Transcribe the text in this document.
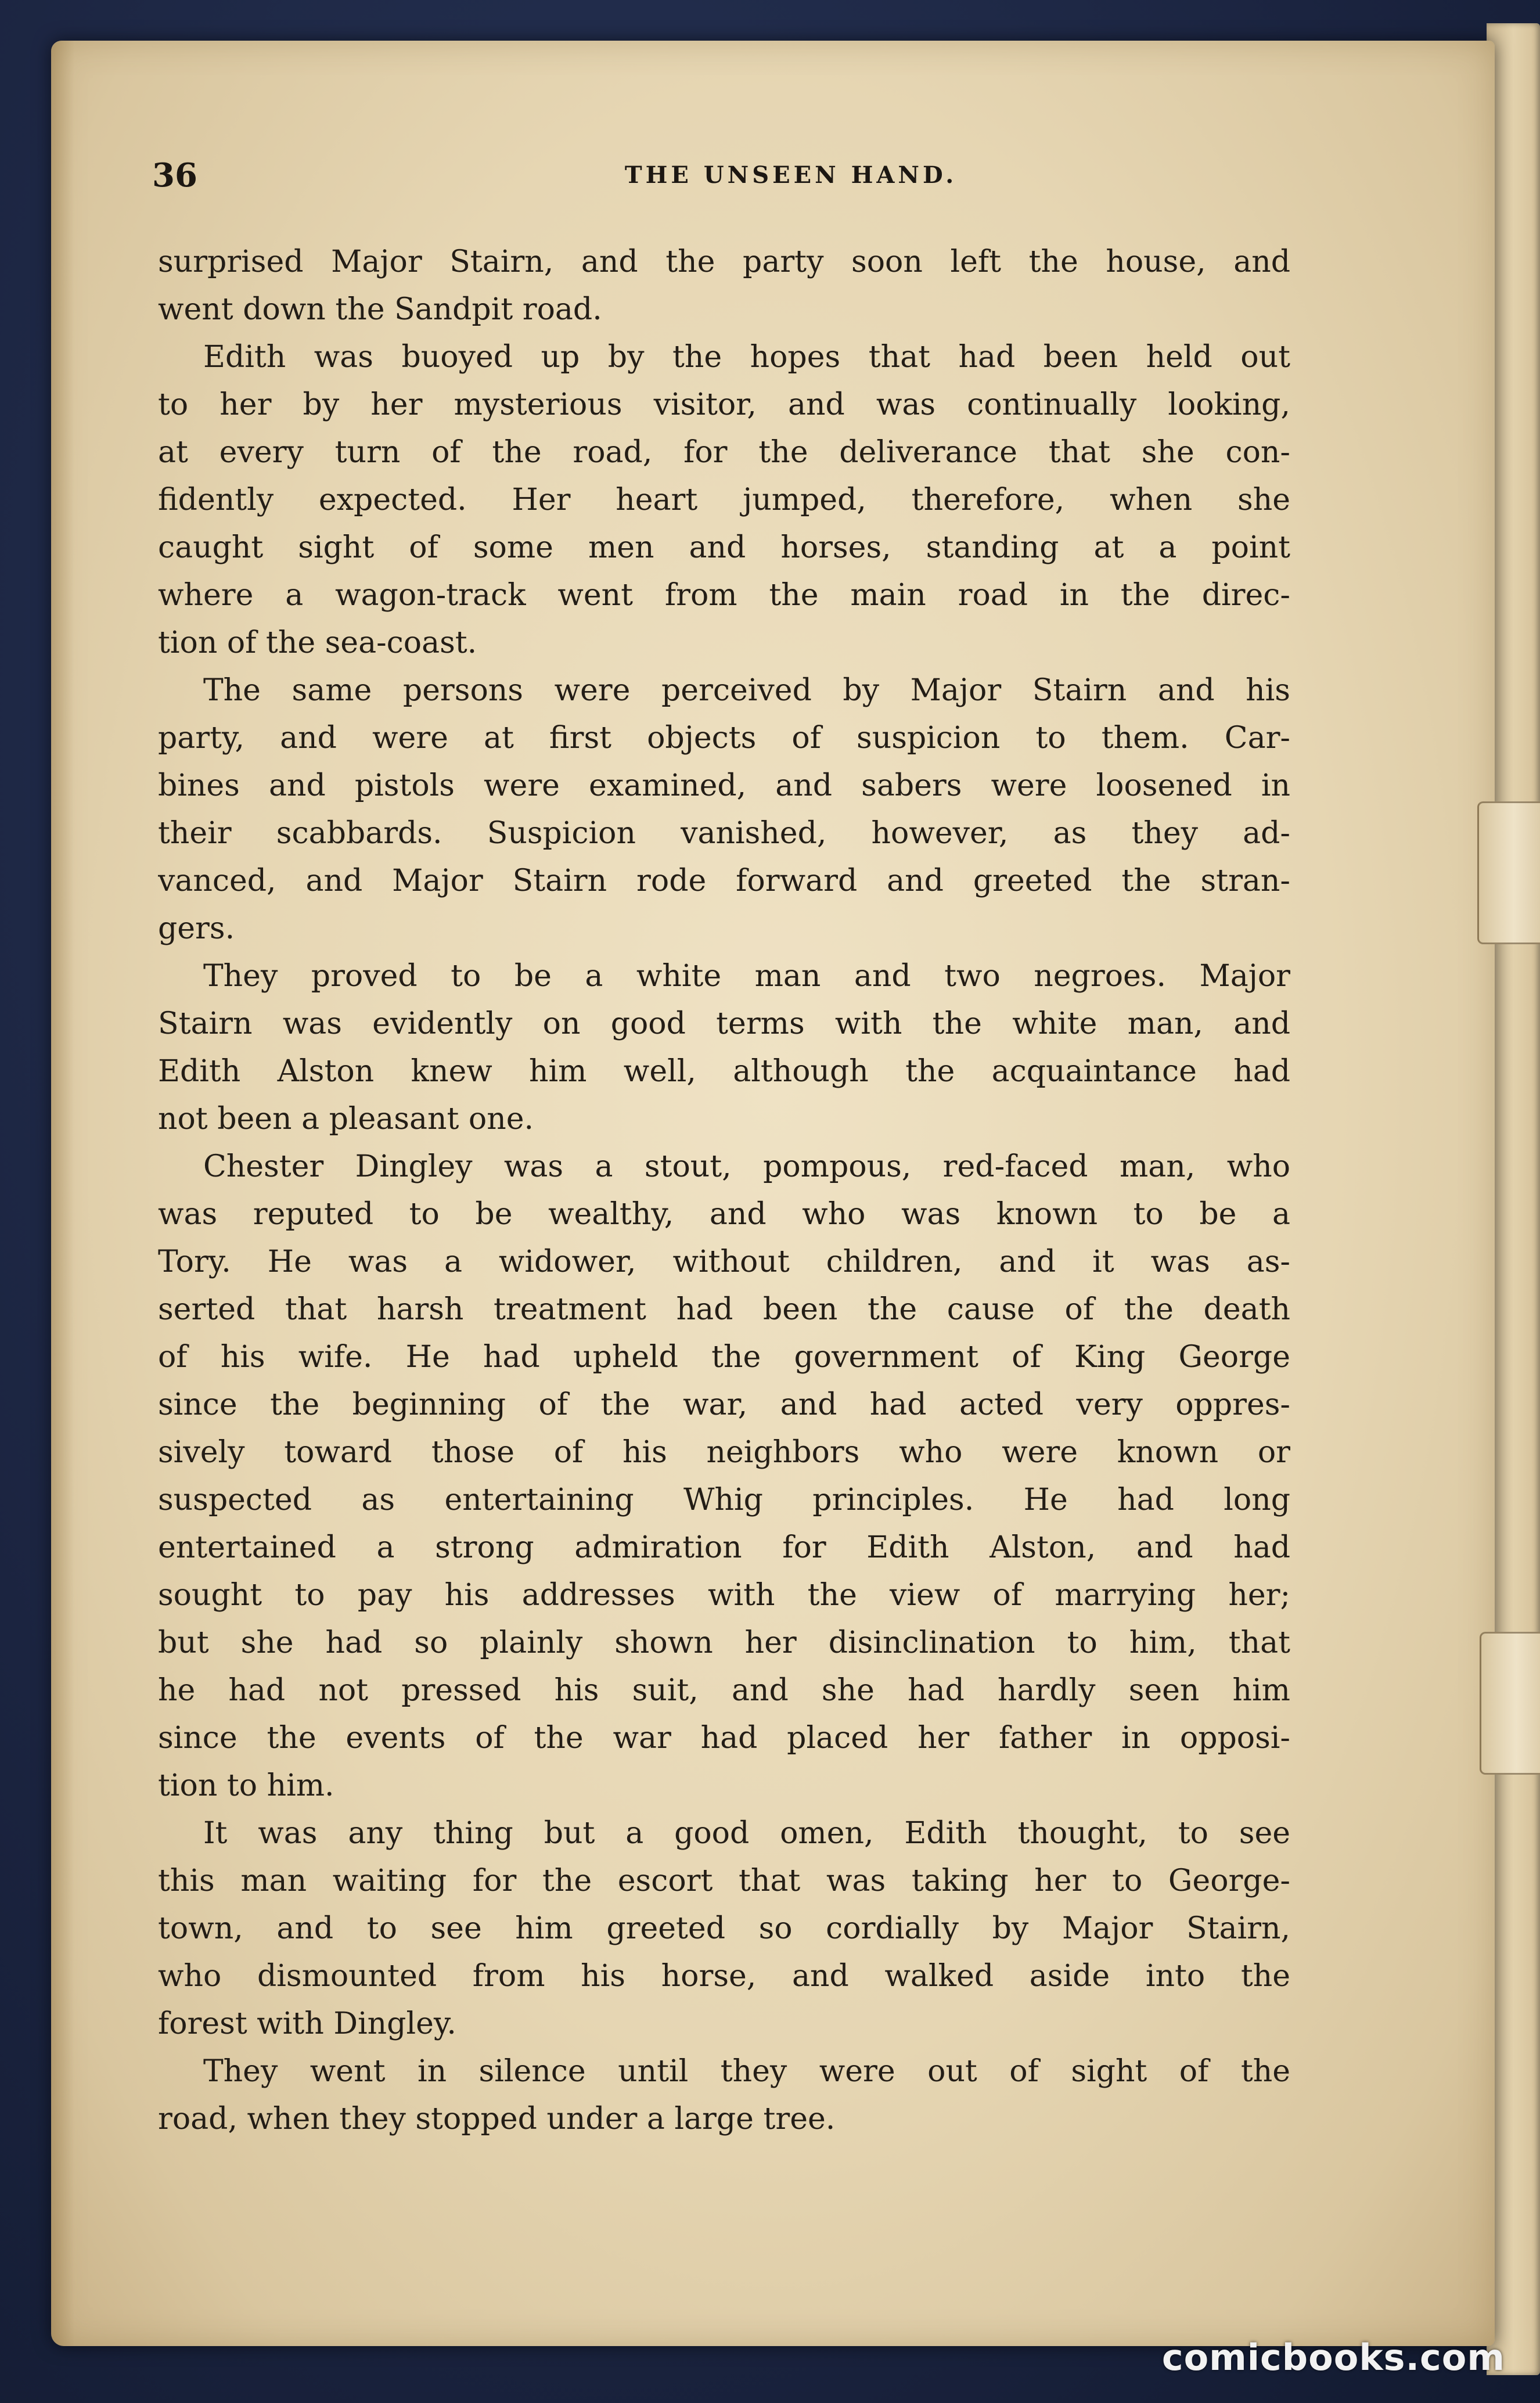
36	THE UNSEEN HAND.
surprised Major Stairn, and the party soon left the house, and
went down the Sandpit road.
Edith was buoyed up by the hopes that had been held out
to her by her mysterious visitor, and was continually looking,
at every turn of the road, for the deliverance that she con-
fidently expected. Her heart jumped, therefore, when she
caught sight of some men and horses, standing at a point
where a wagon-track went from the main road in the direc-
tion of the sea-coast.
The same persons were perceived by Major Stairn and his
party, and were at first objects of suspicion to them. Car-
bines and pistols were examined, and sabers were loosened in
their scabbards. Suspicion vanished, however, as they ad-
vanced, and Major Stairn rode forward and greeted the stran-
gers.
They proved to be a white man and two negroes. Major
Stairn was evidently on good terms with the white man, and
Edith Alston knew him well, although the acquaintance had
not been a pleasant one.
Chester Dingley was a stout, pompous, red-faced man, who
was reputed to be wealthy, and who was known to be a
Tory. He was a widower, without children, and it was as-
serted that harsh treatment had been the cause of the death
of his wife. He had upheld the government of King George
since the beginning of the war, and had acted very oppres-
sively toward those of his neighbors who were known or
suspected as entertaining Whig principles. He had long
entertained a strong admiration for Edith Alston, and had
sought to pay his addresses with the view of marrying her;
but she had so plainly shown her disinclination to him, that
he had not pressed his suit, and she had hardly seen him
since the events of the war had placed her father in opposi-
tion to him.
It was any thing but a good omen, Edith thought, to see
this man waiting for the escort that was taking her to George-
town, and to see him greeted so cordially by Major Stairn,
who dismounted from his horse, and walked aside into the
forest with Dingley.
They went in silence until they were out of sight of the
road, when they stopped under a large tree.
comicbooks.com
